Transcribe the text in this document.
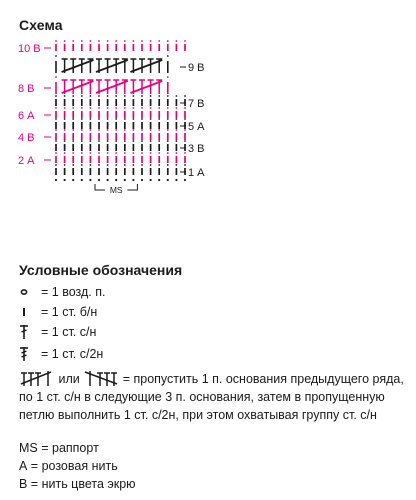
Схема
10 В
8 В
6 А
4 В
2 А
9 В
7 В
5 А
3 В
1 А
MS
Условные обозначения
= 1 возд. п.
= 1 ст. б/н
= 1 ст. с/н
= 1 ст. с/2н
или	= пропустить 1 п. основания предыдущего ряда, по 1 ст. с/н в следующие 3 п. основания, затем в пропущенную петлю выполнить 1 ст. с/2н, при этом охватывая группу ст. с/н
MS = раппорт
А = розовая нить
В = нить цвета экрю
